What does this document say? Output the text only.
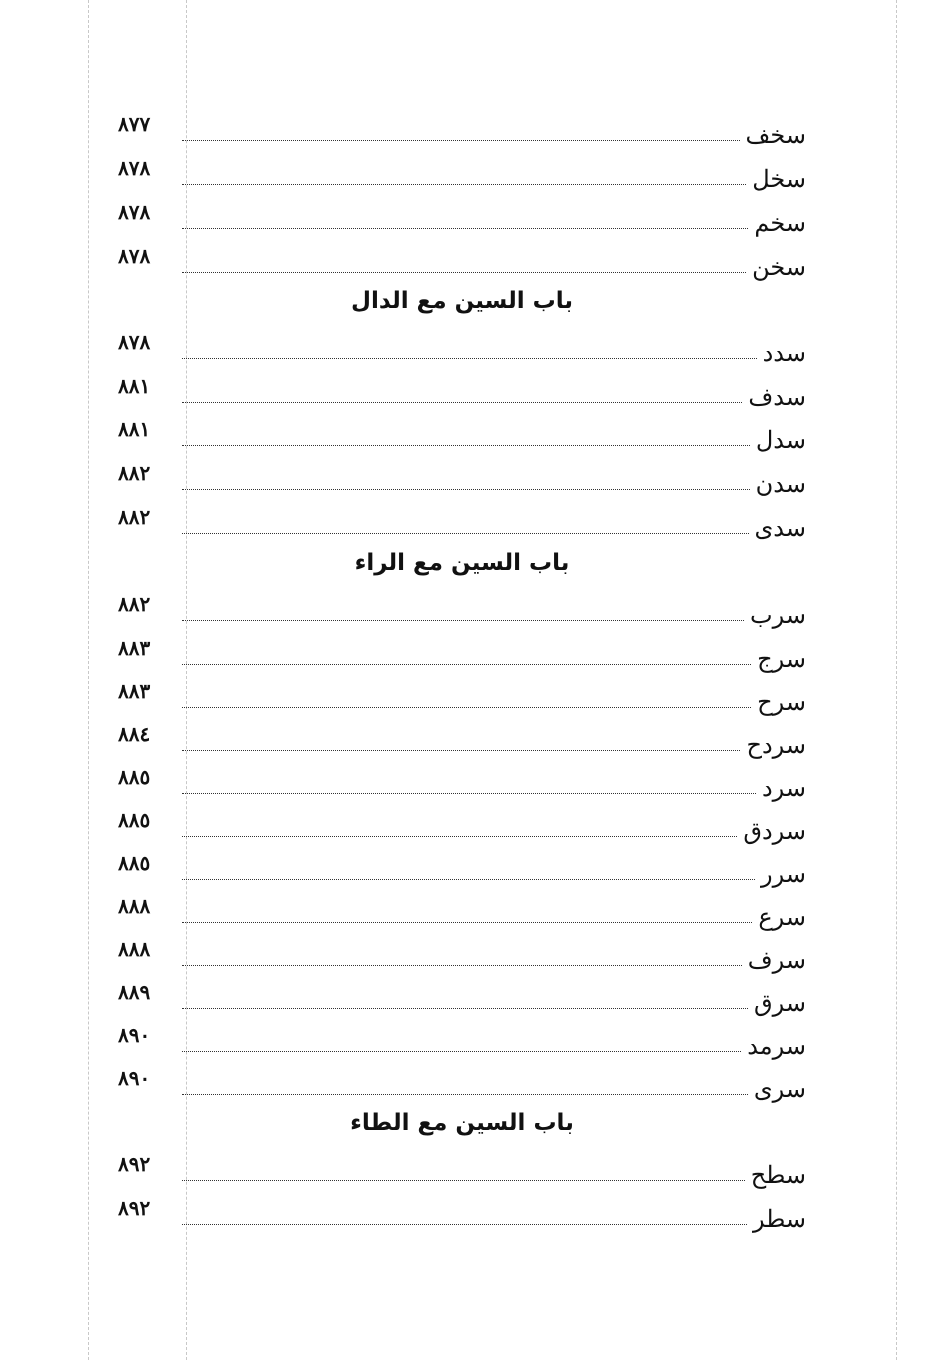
سخف
٨٧٧
سخل
٨٧٨
سخم
٨٧٨
سخن
٨٧٨
باب السين مع الدال
سدد
٨٧٨
سدف
٨٨١
سدل
٨٨١
سدن
٨٨٢
سدى
٨٨٢
باب السين مع الراء
سرب
٨٨٢
سرج
٨٨٣
سرح
٨٨٣
سردح
٨٨٤
سرد
٨٨٥
سردق
٨٨٥
سرر
٨٨٥
سرع
٨٨٨
سرف
٨٨٨
سرق
٨٨٩
سرمد
٨٩٠
سرى
٨٩٠
باب السين مع الطاء
سطح
٨٩٢
سطر
٨٩٢
